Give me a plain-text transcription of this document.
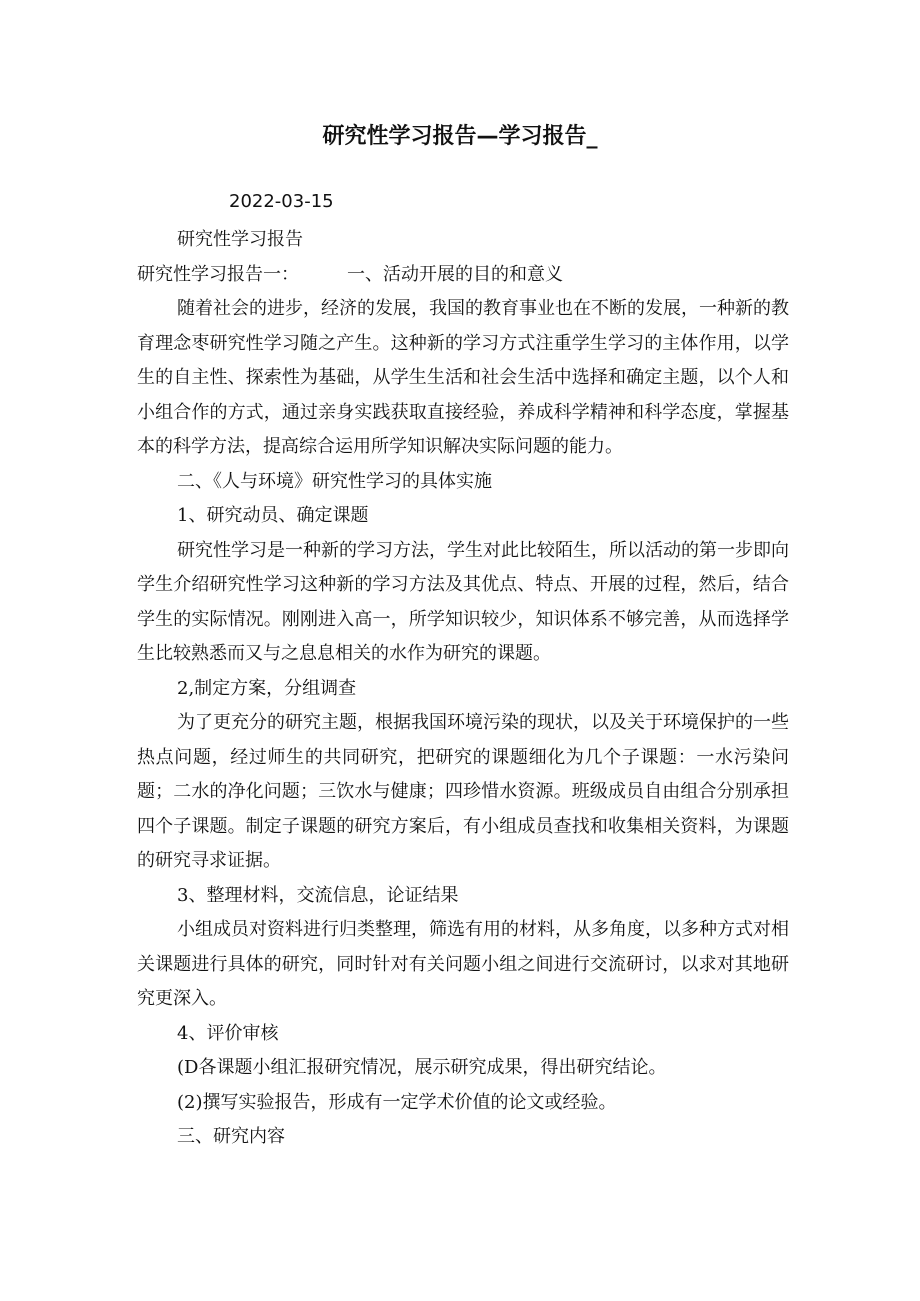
研究性学习报告—学习报告_
2022-03-15

研究性学习报告

研究性学习报告一：	一、活动开展的目的和意义

随着社会的进步，经济的发展，我国的教育事业也在不断的发展，一种新的教育理念枣研究性学习随之产生。这种新的学习方式注重学生学习的主体作用，以学生的自主性、探索性为基础，从学生生活和社会生活中选择和确定主题，以个人和小组合作的方式，通过亲身实践获取直接经验，养成科学精神和科学态度，掌握基本的科学方法，提高综合运用所学知识解决实际问题的能力。

二、《人与环境》研究性学习的具体实施

1、研究动员、确定课题

研究性学习是一种新的学习方法，学生对此比较陌生，所以活动的第一步即向学生介绍研究性学习这种新的学习方法及其优点、特点、开展的过程，然后，结合学生的实际情况。刚刚进入高一，所学知识较少，知识体系不够完善，从而选择学生比较熟悉而又与之息息相关的水作为研究的课题。

2,制定方案，分组调查

为了更充分的研究主题，根据我国环境污染的现状，以及关于环境保护的一些热点问题，经过师生的共同研究，把研究的课题细化为几个子课题：一水污染问题；二水的净化问题；三饮水与健康；四珍惜水资源。班级成员自由组合分别承担四个子课题。制定子课题的研究方案后，有小组成员查找和收集相关资料，为课题的研究寻求证据。

3、整理材料，交流信息，论证结果

小组成员对资料进行归类整理，筛选有用的材料，从多角度，以多种方式对相关课题进行具体的研究，同时针对有关问题小组之间进行交流研讨，以求对其地研究更深入。

4、评价审核

(D各课题小组汇报研究情况，展示研究成果，得出研究结论。

(2)撰写实验报告，形成有一定学术价值的论文或经验。

三、研究内容
